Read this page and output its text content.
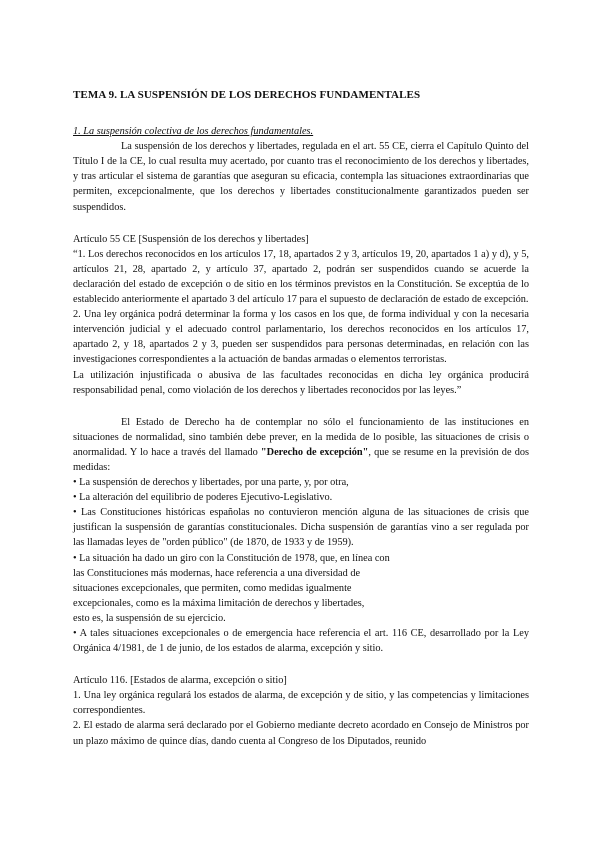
TEMA 9. LA SUSPENSIÓN DE LOS DERECHOS FUNDAMENTALES

1. La suspensión colectiva de los derechos fundamentales.

La suspensión de los derechos y libertades, regulada en el art. 55 CE, cierra el Capítulo Quinto del Título I de la CE, lo cual resulta muy acertado, por cuanto tras el reconocimiento de los derechos y libertades, y tras articular el sistema de garantías que aseguran su eficacia, contempla las situaciones extraordinarias que permiten, excepcionalmente, que los derechos y libertades constitucionalmente garantizados pueden ser suspendidos.

Artículo 55 CE [Suspensión de los derechos y libertades]

“1. Los derechos reconocidos en los artículos 17, 18, apartados 2 y 3, artículos 19, 20, apartados 1 a) y d), y 5, artículos 21, 28, apartado 2, y artículo 37, apartado 2, podrán ser suspendidos cuando se acuerde la declaración del estado de excepción o de sitio en los términos previstos en la Constitución. Se exceptúa de lo establecido anteriormente el apartado 3 del artículo 17 para el supuesto de declaración de estado de excepción.

2. Una ley orgánica podrá determinar la forma y los casos en los que, de forma individual y con la necesaria intervención judicial y el adecuado control parlamentario, los derechos reconocidos en los artículos 17, apartado 2, y 18, apartados 2 y 3, pueden ser suspendidos para personas determinadas, en relación con las investigaciones correspondientes a la actuación de bandas armadas o elementos terroristas.

La utilización injustificada o abusiva de las facultades reconocidas en dicha ley orgánica producirá responsabilidad penal, como violación de los derechos y libertades reconocidos por las leyes.”

El Estado de Derecho ha de contemplar no sólo el funcionamiento de las instituciones en situaciones de normalidad, sino también debe prever, en la medida de lo posible, las situaciones de crisis o anormalidad. Y lo hace a través del llamado "Derecho de excepción", que se resume en la previsión de dos medidas:

• La suspensión de derechos y libertades, por una parte, y, por otra,

• La alteración del equilibrio de poderes Ejecutivo-Legislativo.

• Las Constituciones históricas españolas no contuvieron mención alguna de las situaciones de crisis que justifican la suspensión de garantías constitucionales. Dicha suspensión de garantías vino a ser regulada por las llamadas leyes de "orden público" (de 1870, de 1933 y de 1959).

• La situación ha dado un giro con la Constitución de 1978, que, en línea con
las Constituciones más modernas, hace referencia a una diversidad de
situaciones excepcionales, que permiten, como medidas igualmente
excepcionales, como es la máxima limitación de derechos y libertades,
esto es, la suspensión de su ejercicio.

• A tales situaciones excepcionales o de emergencia hace referencia el art. 116 CE, desarrollado por la Ley Orgánica 4/1981, de 1 de junio, de los estados de alarma, excepción y sitio.

Artículo 116. [Estados de alarma, excepción o sitio]

1. Una ley orgánica regulará los estados de alarma, de excepción y de sitio, y las competencias y limitaciones correspondientes.

2. El estado de alarma será declarado por el Gobierno mediante decreto acordado en Consejo de Ministros por un plazo máximo de quince días, dando cuenta al Congreso de los Diputados, reunido
